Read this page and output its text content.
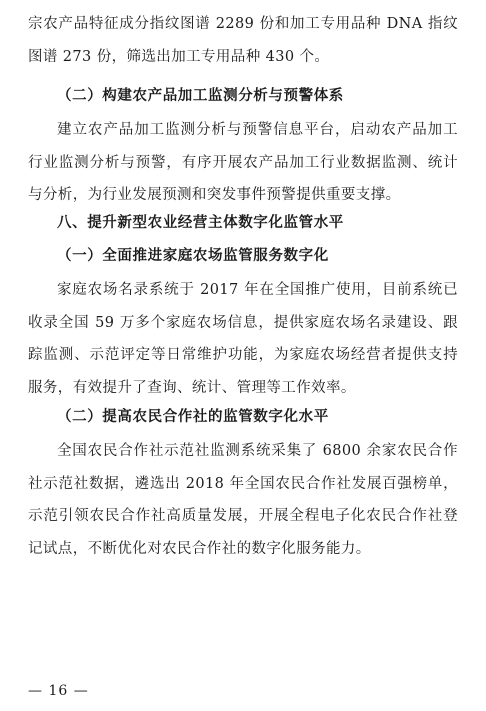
宗农产品特征成分指纹图谱 2289 份和加工专用品种 DNA 指纹图谱 273 份，筛选出加工专用品种 430 个。

（二）构建农产品加工监测分析与预警体系

建立农产品加工监测分析与预警信息平台，启动农产品加工行业监测分析与预警，有序开展农产品加工行业数据监测、统计与分析，为行业发展预测和突发事件预警提供重要支撑。

八、提升新型农业经营主体数字化监管水平
（一）全面推进家庭农场监管服务数字化

家庭农场名录系统于 2017 年在全国推广使用，目前系统已收录全国 59 万多个家庭农场信息，提供家庭农场名录建设、跟踪监测、示范评定等日常维护功能，为家庭农场经营者提供支持服务，有效提升了查询、统计、管理等工作效率。

（二）提高农民合作社的监管数字化水平

全国农民合作社示范社监测系统采集了 6800 余家农民合作社示范社数据，遴选出 2018 年全国农民合作社发展百强榜单，示范引领农民合作社高质量发展，开展全程电子化农民合作社登记试点，不断优化对农民合作社的数字化服务能力。

— 16 —
